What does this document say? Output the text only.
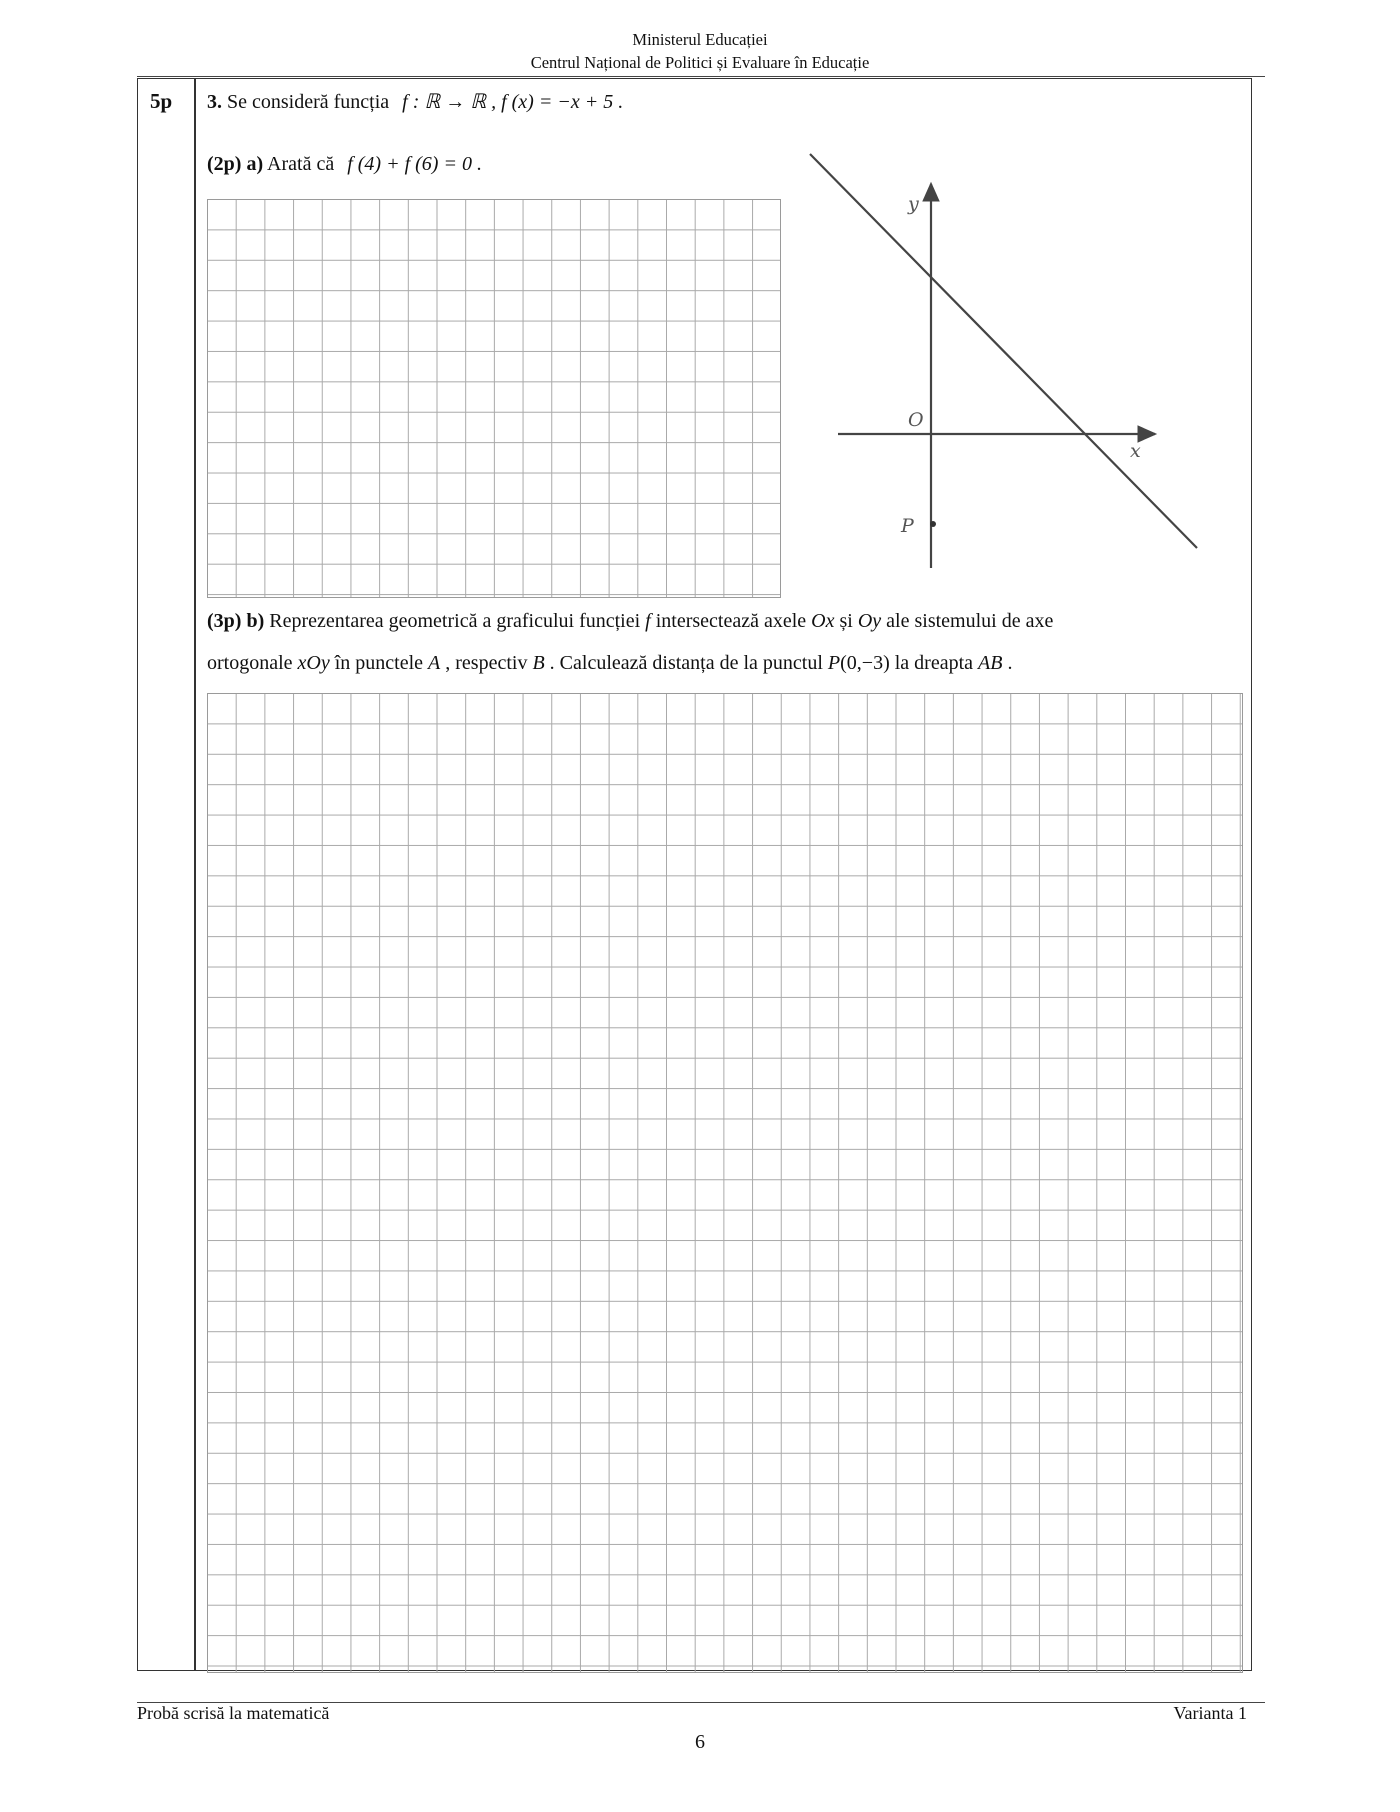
Ministerul Educației
Centrul Național de Politici și Evaluare în Educație
5p 3. Se consideră funcția f : ℝ → ℝ , f (x) = −x + 5 .
(2p) a) Arată că f (4) + f (6) = 0 .
y
x
O
P
(3p) b) Reprezentarea geometrică a graficului funcției f intersectează axele Ox și Oy ale sistemului de axe
ortogonale xOy în punctele A , respectiv B . Calculează distanța de la punctul P(0,−3) la dreapta AB .
Probă scrisă la matematică	Varianta 1
6
